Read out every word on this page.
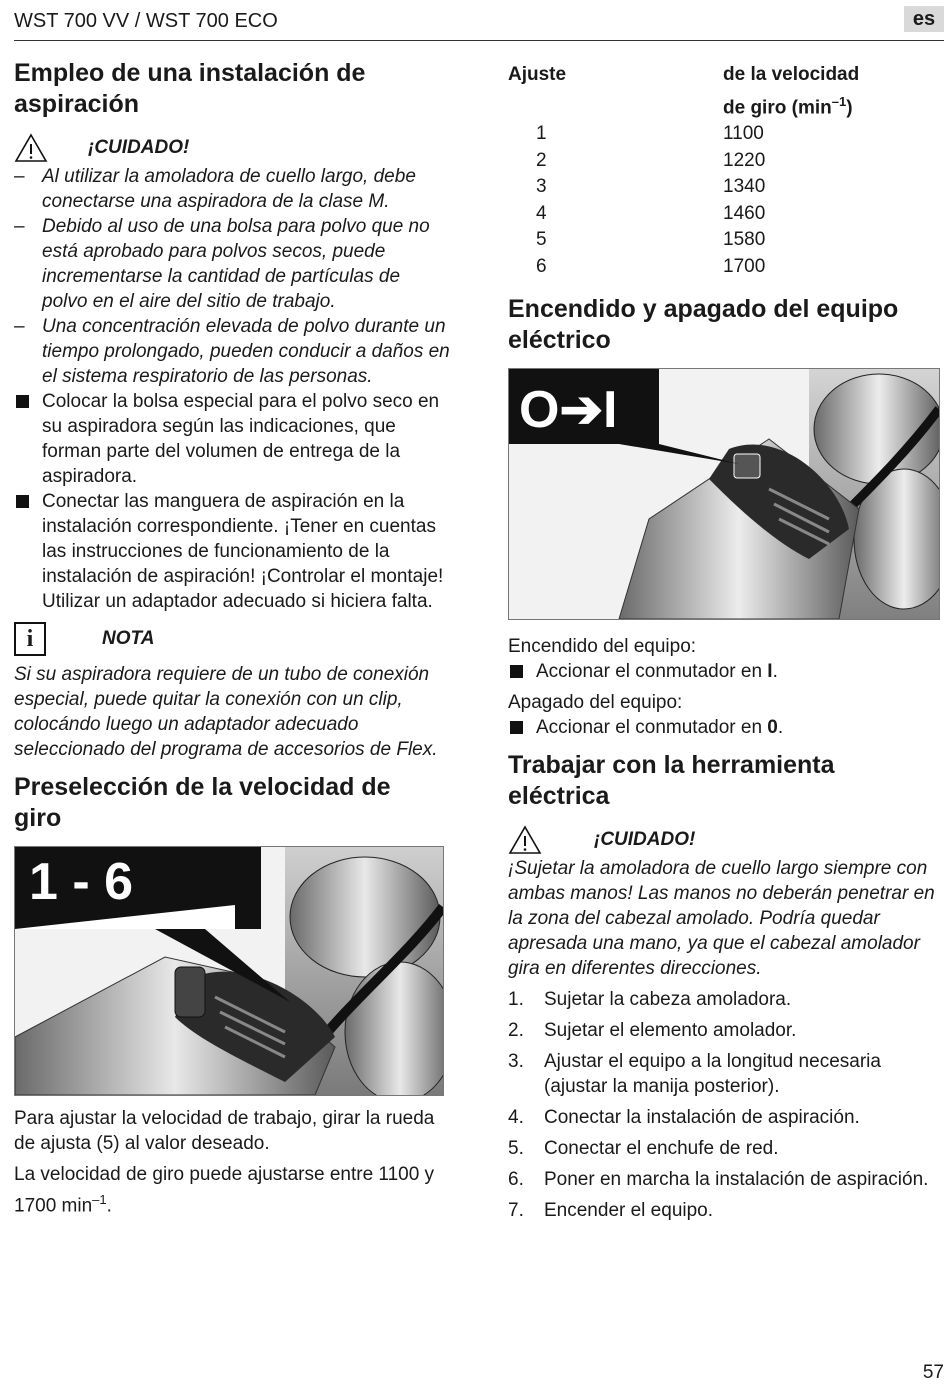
WST 700 VV / WST 700 ECO	es
Empleo de una instalación de aspiración
¡CUIDADO!
– Al utilizar la amoladora de cuello largo, debe conectarse una aspiradora de la clase M.
– Debido al uso de una bolsa para polvo que no está aprobado para polvos secos, puede incrementarse la cantidad de partículas de polvo en el aire del sitio de trabajo.
– Una concentración elevada de polvo durante un tiempo prolongado, pueden conducir a daños en el sistema respiratorio de las personas.
Colocar la bolsa especial para el polvo seco en su aspiradora según las indicaciones, que forman parte del volumen de entrega de la aspiradora.
Conectar las manguera de aspiración en la instalación correspondiente. ¡Tener en cuentas las instrucciones de funcionamiento de la instalación de aspiración! ¡Controlar el montaje! Utilizar un adaptador adecuado si hiciera falta.
i	NOTA
Si su aspiradora requiere de un tubo de conexión especial, puede quitar la conexión con un clip, colocándo luego un adaptador adecuado seleccionado del programa de accesorios de Flex.
Preselección de la velocidad de giro
1 - 6
Para ajustar la velocidad de trabajo, girar la rueda de ajusta (5) al valor deseado.
La velocidad de giro puede ajustarse entre 1100 y 1700 $\min^{-1}$.
Ajuste	de la velocidad
	de giro $(\min^{-1})$
1	1100
2	1220
3	1340
4	1460
5	1580
6	1700
Encendido y apagado del equipo eléctrico
O➔I
Encendido del equipo:
Accionar el conmutador en I.
Apagado del equipo:
Accionar el conmutador en 0.
Trabajar con la herramienta eléctrica
¡CUIDADO!
¡Sujetar la amoladora de cuello largo siempre con ambas manos! Las manos no deberán penetrar en la zona del cabezal amolado. Podría quedar apresada una mano, ya que el cabezal amolador gira en diferentes direcciones.
1. Sujetar la cabeza amoladora.
2. Sujetar el elemento amolador.
3. Ajustar el equipo a la longitud necesaria (ajustar la manija posterior).
4. Conectar la instalación de aspiración.
5. Conectar el enchufe de red.
6. Poner en marcha la instalación de aspiración.
7. Encender el equipo.
57
